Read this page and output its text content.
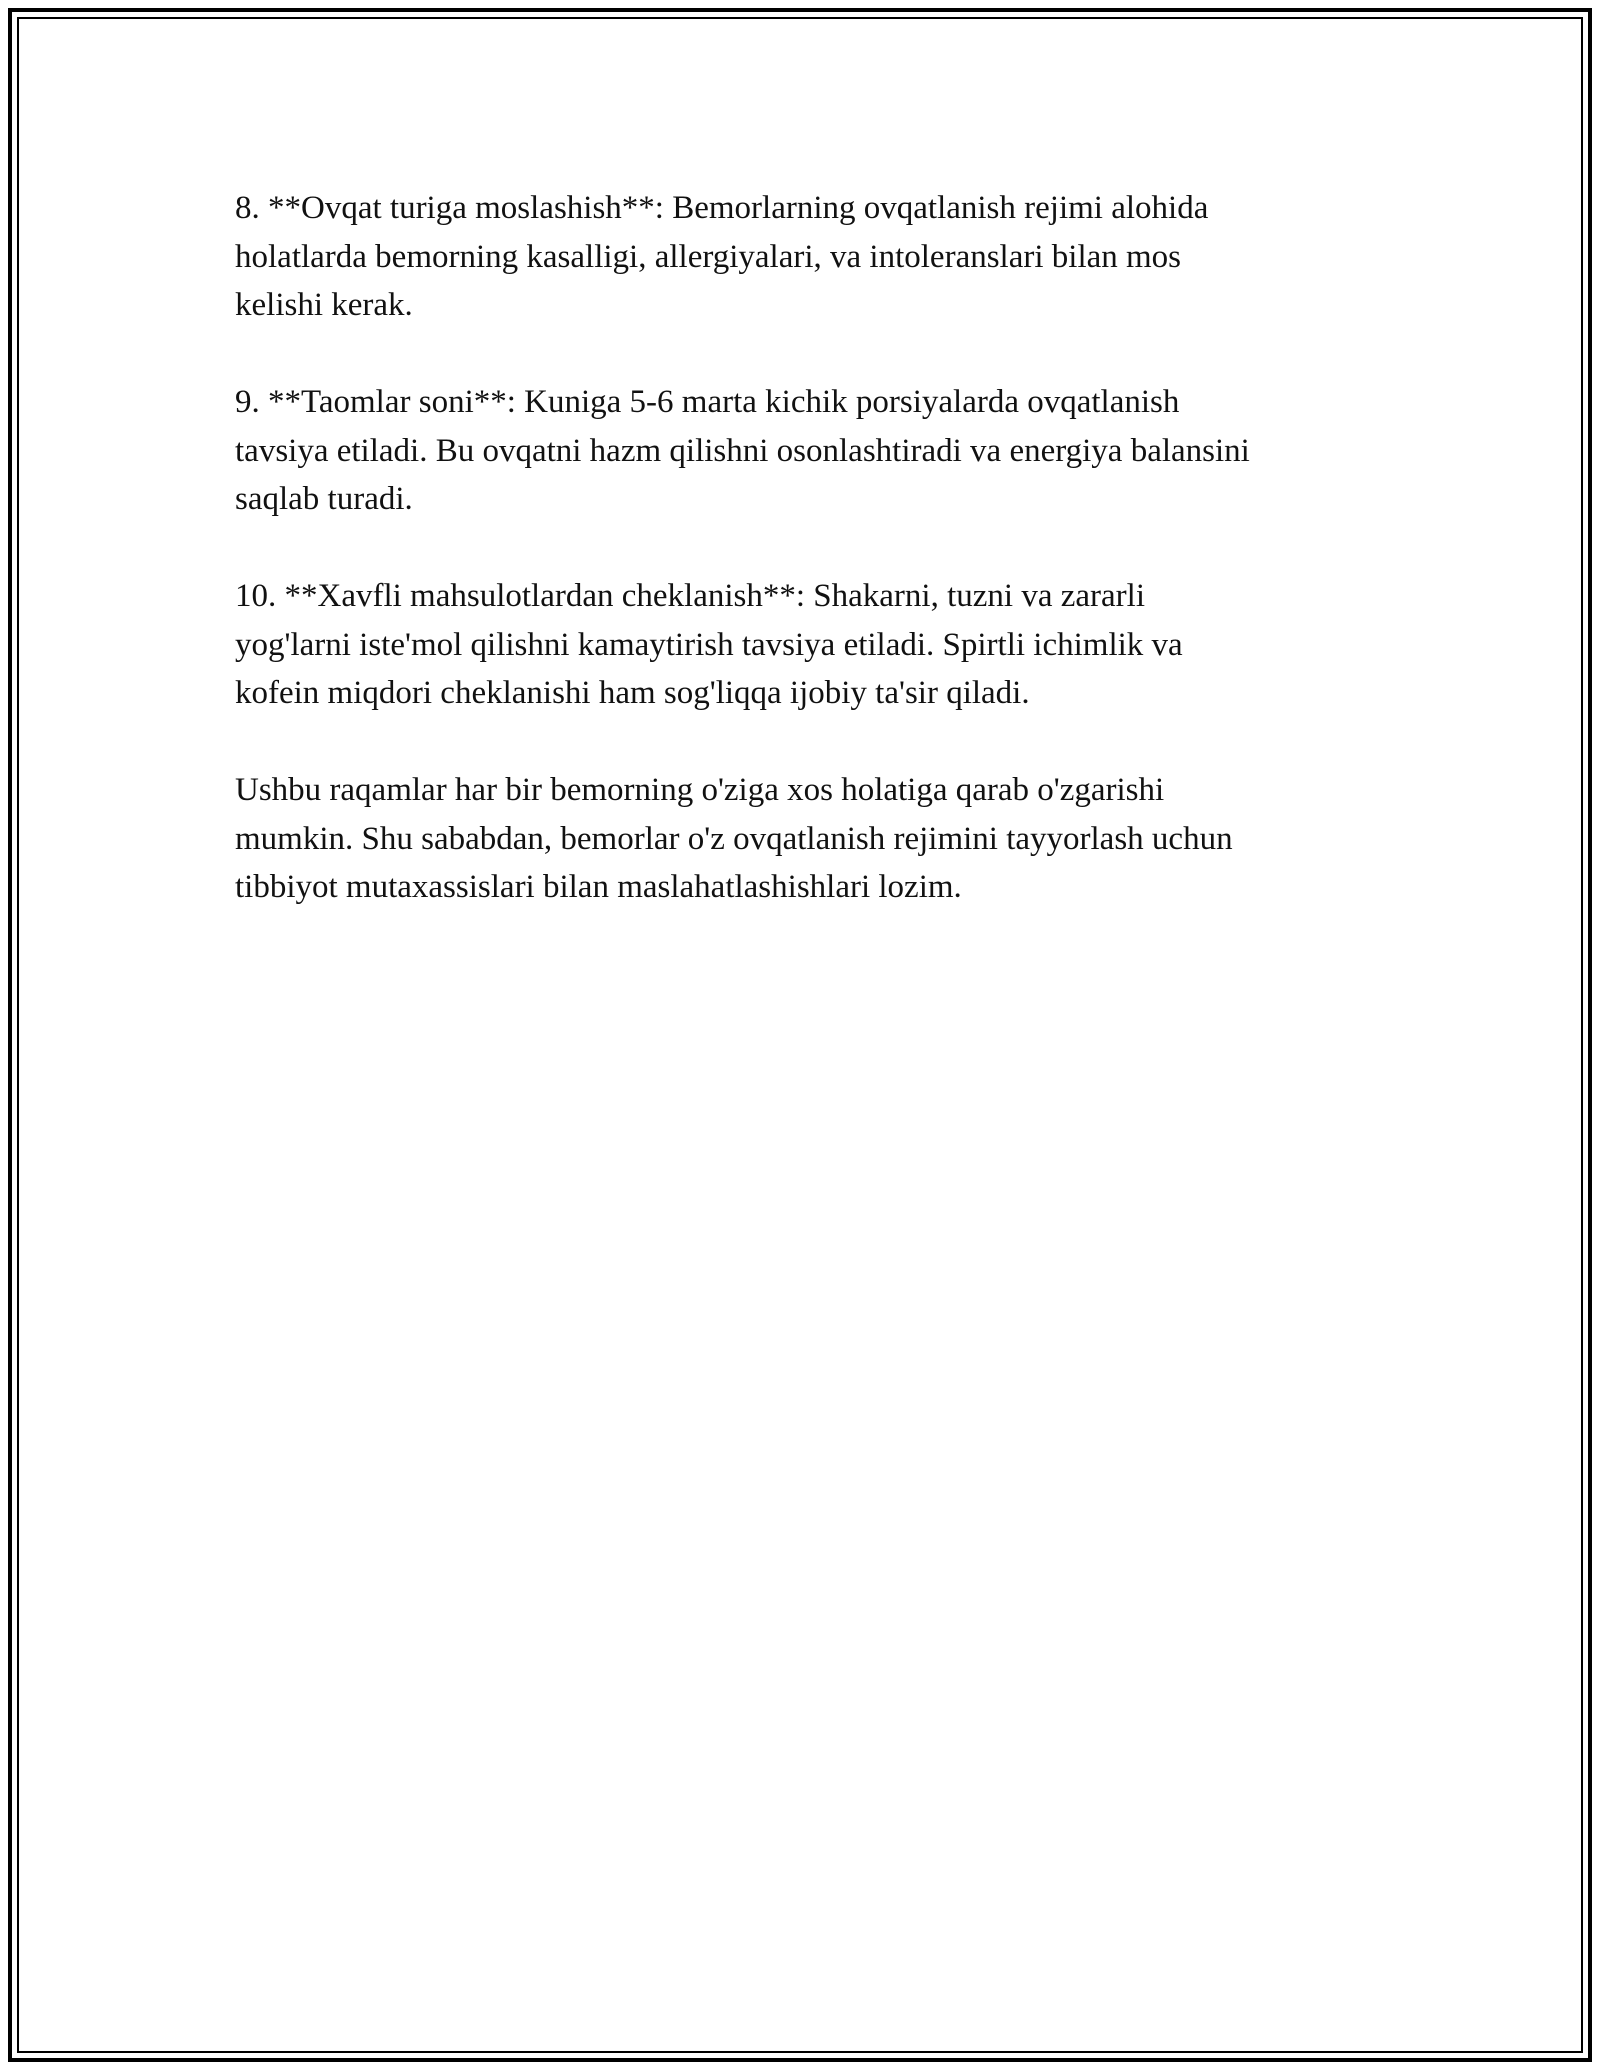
8. **Ovqat turiga moslashish**: Bemorlarning ovqatlanish rejimi alohida
holatlarda bemorning kasalligi, allergiyalari, va intoleranslari bilan mos
kelishi kerak.

9. **Taomlar soni**: Kuniga 5-6 marta kichik porsiyalarda ovqatlanish
tavsiya etiladi. Bu ovqatni hazm qilishni osonlashtiradi va energiya balansini
saqlab turadi.

10. **Xavfli mahsulotlardan cheklanish**: Shakarni, tuzni va zararli
yog'larni iste'mol qilishni kamaytirish tavsiya etiladi. Spirtli ichimlik va
kofein miqdori cheklanishi ham sog'liqqa ijobiy ta'sir qiladi.

Ushbu raqamlar har bir bemorning o'ziga xos holatiga qarab o'zgarishi
mumkin. Shu sababdan, bemorlar o'z ovqatlanish rejimini tayyorlash uchun
tibbiyot mutaxassislari bilan maslahatlashishlari lozim.
